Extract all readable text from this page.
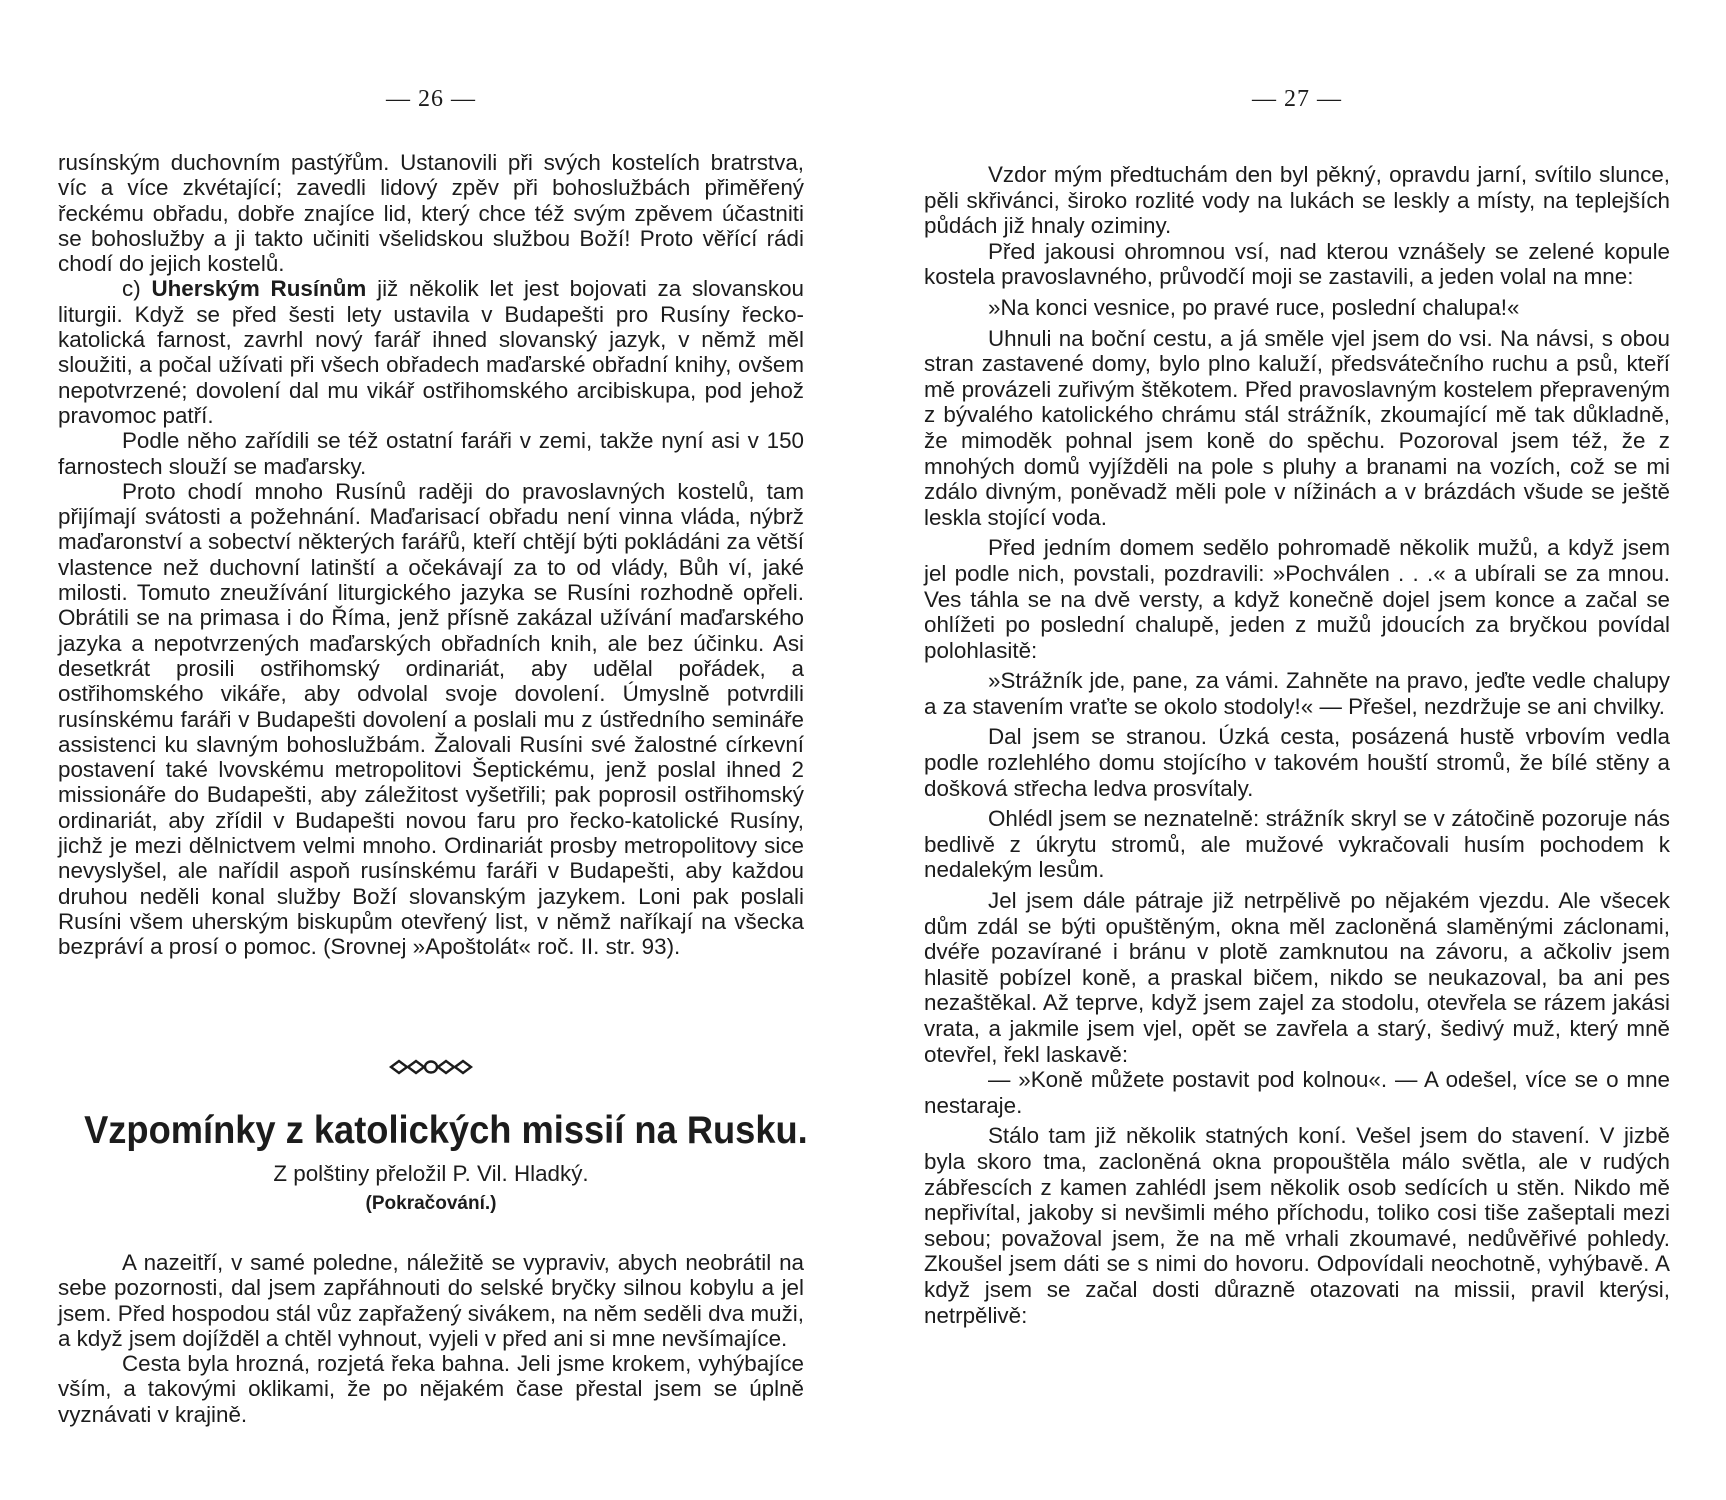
— 26 —

rusínským duchovním pastýřům. Ustanovili při svých kostelích bratrstva, víc a více zkvétající; zavedli lidový zpěv při bohoslužbách přiměřený řeckému obřadu, dobře znajíce lid, který chce též svým zpěvem účastniti se bohoslužby a ji takto učiniti všelidskou službou Boží! Proto věřící rádi chodí do jejich kostelů.

c) Uherským Rusínům již několik let jest bojovati za slovanskou liturgii. Když se před šesti lety ustavila v Budapešti pro Rusíny řecko-katolická farnost, zavrhl nový farář ihned slovanský jazyk, v němž měl sloužiti, a počal užívati při všech obřadech maďarské obřadní knihy, ovšem nepotvrzené; dovolení dal mu vikář ostřihomského arcibiskupa, pod jehož pravomoc patří.

Podle něho zařídili se též ostatní faráři v zemi, takže nyní asi v 150 farnostech slouží se maďarsky.

Proto chodí mnoho Rusínů raději do pravoslavných kostelů, tam přijímají svátosti a požehnání. Maďarisací obřadu není vinna vláda, nýbrž maďaronství a sobectví některých farářů, kteří chtějí býti pokládáni za větší vlastence než duchovní latinští a očekávají za to od vlády, Bůh ví, jaké milosti. Tomuto zneužívání liturgického jazyka se Rusíni rozhodně opřeli. Obrátili se na primasa i do Říma, jenž přísně zakázal užívání maďarského jazyka a nepotvrzených maďarských obřadních knih, ale bez účinku. Asi desetkrát prosili ostřihomský ordinariát, aby udělal pořádek, a ostřihomského vikáře, aby odvolal svoje dovolení. Úmyslně potvrdili rusínskému faráři v Budapešti dovolení a poslali mu z ústředního semináře assistenci ku slavným bohoslužbám. Žalovali Rusíni své žalostné církevní postavení také lvovskému metropolitovi Šeptickému, jenž poslal ihned 2 missionáře do Budapešti, aby záležitost vyšetřili; pak poprosil ostřihomský ordinariát, aby zřídil v Budapešti novou faru pro řecko-katolické Rusíny, jichž je mezi dělnictvem velmi mnoho. Ordinariát prosby metropolitovy sice nevyslyšel, ale nařídil aspoň rusínskému faráři v Budapešti, aby každou druhou neděli konal služby Boží slovanským jazykem. Loni pak poslali Rusíni všem uherským biskupům otevřený list, v němž naříkají na všecka bezpráví a prosí o pomoc. (Srovnej »Apoštolát« roč. II. str. 93).

Vzpomínky z katolických missií na Rusku.
Z polštiny přeložil P. Vil. Hladký.
(Pokračování.)

A nazeitří, v samé poledne, náležitě se vypraviv, abych neobrátil na sebe pozornosti, dal jsem zapřáhnouti do selské bryčky silnou kobylu a jel jsem. Před hospodou stál vůz zapřažený sivákem, na něm seděli dva muži, a když jsem dojížděl a chtěl vyhnout, vyjeli v před ani si mne nevšímajíce.

Cesta byla hrozná, rozjetá řeka bahna. Jeli jsme krokem, vyhýbajíce vším, a takovými oklikami, že po nějakém čase přestal jsem se úplně vyznávati v krajině.

— 27 —

Vzdor mým předtuchám den byl pěkný, opravdu jarní, svítilo slunce, pěli skřivánci, široko rozlité vody na lukách se leskly a místy, na teplejších půdách již hnaly oziminy.

Před jakousi ohromnou vsí, nad kterou vznášely se zelené kopule kostela pravoslavného, průvodčí moji se zastavili, a jeden volal na mne:

»Na konci vesnice, po pravé ruce, poslední chalupa!«

Uhnuli na boční cestu, a já směle vjel jsem do vsi. Na návsi, s obou stran zastavené domy, bylo plno kaluží, předsvátečního ruchu a psů, kteří mě provázeli zuřivým štěkotem. Před pravoslavným kostelem přepraveným z bývalého katolického chrámu stál strážník, zkoumající mě tak důkladně, že mimoděk pohnal jsem koně do spěchu. Pozoroval jsem též, že z mnohých domů vyjížděli na pole s pluhy a branami na vozích, což se mi zdálo divným, poněvadž měli pole v nížinách a v brázdách všude se ještě leskla stojící voda.

Před jedním domem sedělo pohromadě několik mužů, a když jsem jel podle nich, povstali, pozdravili: »Pochválen . . .« a ubírali se za mnou. Ves táhla se na dvě versty, a když konečně dojel jsem konce a začal se ohlížeti po poslední chalupě, jeden z mužů jdoucích za bryčkou povídal polohlasitě:

»Strážník jde, pane, za vámi. Zahněte na pravo, jeďte vedle chalupy a za stavením vraťte se okolo stodoly!« — Přešel, nezdržuje se ani chvilky.

Dal jsem se stranou. Úzká cesta, posázená hustě vrbovím vedla podle rozlehlého domu stojícího v takovém houští stromů, že bílé stěny a došková střecha ledva prosvítaly.

Ohlédl jsem se neznatelně: strážník skryl se v zátočině pozoruje nás bedlivě z úkrytu stromů, ale mužové vykračovali husím pochodem k nedalekým lesům.

Jel jsem dále pátraje již netrpělivě po nějakém vjezdu. Ale všecek dům zdál se býti opuštěným, okna měl zacloněná slaměnými záclonami, dvéře pozavírané i bránu v plotě zamknutou na závoru, a ačkoliv jsem hlasitě pobízel koně, a praskal bičem, nikdo se neukazoval, ba ani pes nezaštěkal. Až teprve, když jsem zajel za stodolu, otevřela se rázem jakási vrata, a jakmile jsem vjel, opět se zavřela a starý, šedivý muž, který mně otevřel, řekl laskavě:

— »Koně můžete postavit pod kolnou«. — A odešel, více se o mne nestaraje.

Stálo tam již několik statných koní. Vešel jsem do stavení. V jizbě byla skoro tma, zacloněná okna propouštěla málo světla, ale v rudých zábřescích z kamen zahlédl jsem několik osob sedících u stěn. Nikdo mě nepřivítal, jakoby si nevšimli mého příchodu, toliko cosi tiše zašeptali mezi sebou; považoval jsem, že na mě vrhali zkoumavé, nedůvěřivé pohledy. Zkoušel jsem dáti se s nimi do hovoru. Odpovídali neochotně, vyhýbavě. A když jsem se začal dosti důrazně otazovati na missii, pravil kterýsi, netrpělivě:
